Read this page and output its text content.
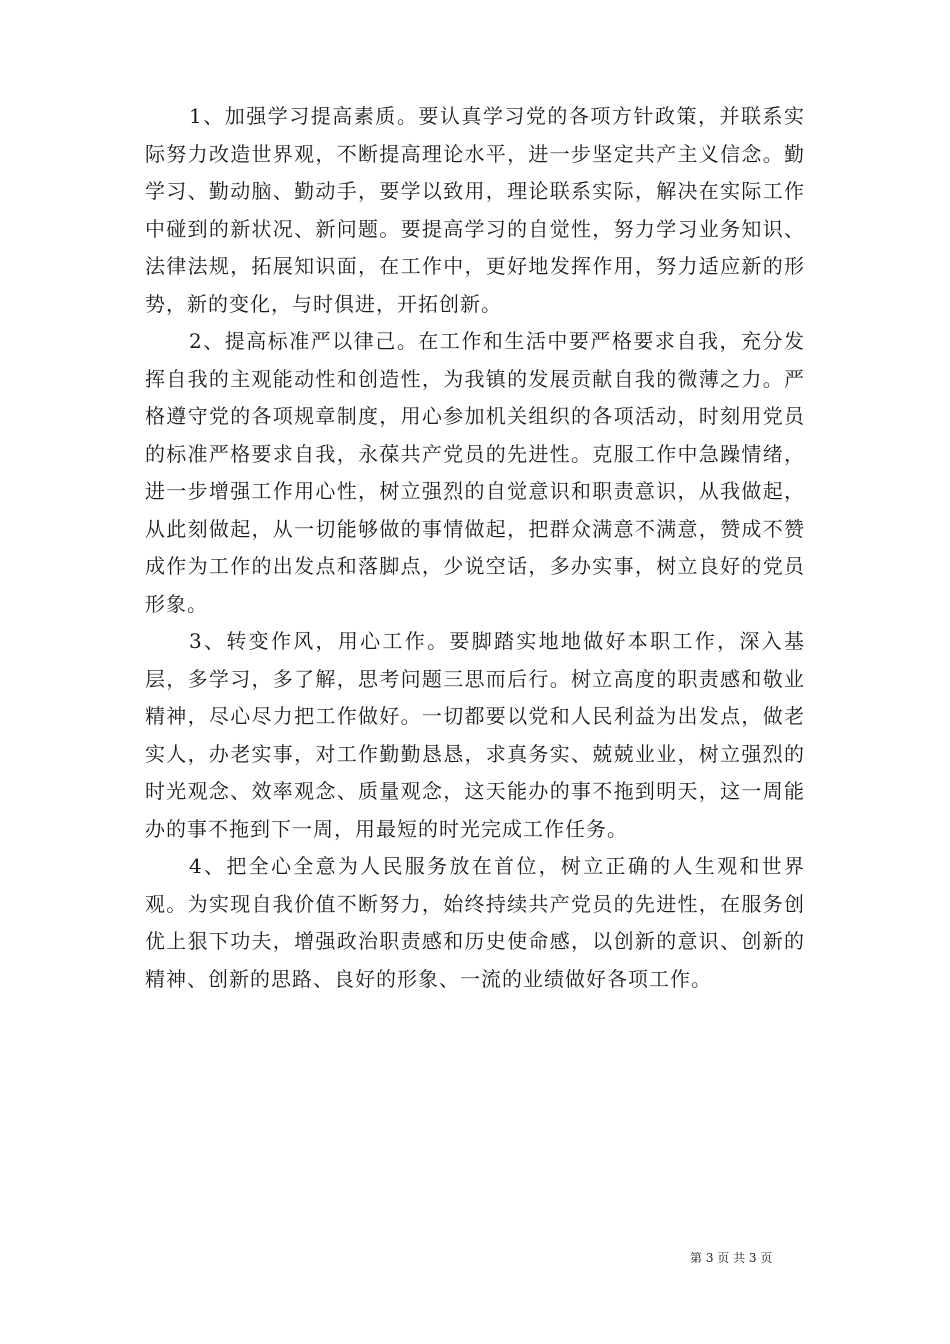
1、加强学习提高素质。要认真学习党的各项方针政策，并联系实际努力改造世界观，不断提高理论水平，进一步坚定共产主义信念。勤学习、勤动脑、勤动手，要学以致用，理论联系实际，解决在实际工作中碰到的新状况、新问题。要提高学习的自觉性，努力学习业务知识、法律法规，拓展知识面，在工作中，更好地发挥作用，努力适应新的形势，新的变化，与时俱进，开拓创新。

2、提高标准严以律己。在工作和生活中要严格要求自我，充分发挥自我的主观能动性和创造性，为我镇的发展贡献自我的微薄之力。严格遵守党的各项规章制度，用心参加机关组织的各项活动，时刻用党员的标准严格要求自我，永葆共产党员的先进性。克服工作中急躁情绪，进一步增强工作用心性，树立强烈的自觉意识和职责意识，从我做起，从此刻做起，从一切能够做的事情做起，把群众满意不满意，赞成不赞成作为工作的出发点和落脚点，少说空话，多办实事，树立良好的党员形象。

3、转变作风，用心工作。要脚踏实地地做好本职工作，深入基层，多学习，多了解，思考问题三思而后行。树立高度的职责感和敬业精神，尽心尽力把工作做好。一切都要以党和人民利益为出发点，做老实人，办老实事，对工作勤勤恳恳，求真务实、兢兢业业，树立强烈的时光观念、效率观念、质量观念，这天能办的事不拖到明天，这一周能办的事不拖到下一周，用最短的时光完成工作任务。

4、把全心全意为人民服务放在首位，树立正确的人生观和世界观。为实现自我价值不断努力，始终持续共产党员的先进性，在服务创优上狠下功夫，增强政治职责感和历史使命感，以创新的意识、创新的精神、创新的思路、良好的形象、一流的业绩做好各项工作。

第 3 页 共 3 页
